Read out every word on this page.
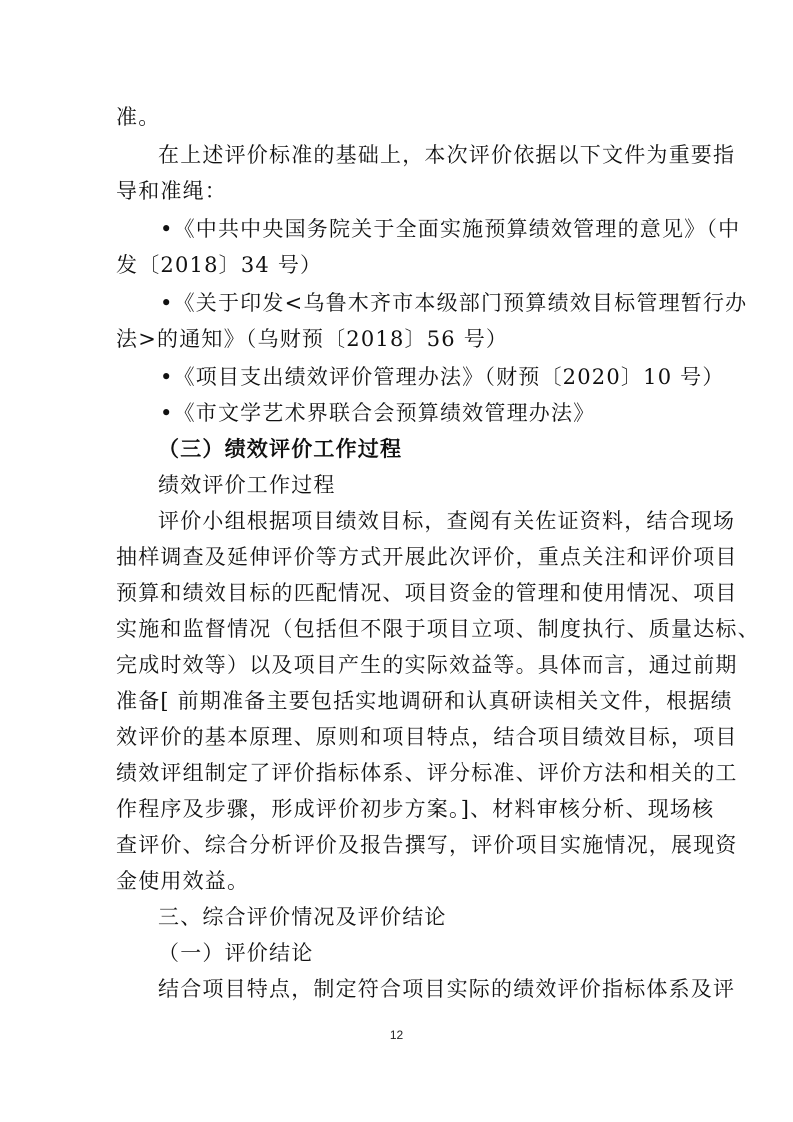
准。
在上述评价标准的基础上，本次评价依据以下文件为重要指
导和准绳：
•《中共中央国务院关于全面实施预算绩效管理的意见》（中
发〔2018〕34 号）
•《关于印发<乌鲁木齐市本级部门预算绩效目标管理暂行办
法>的通知》（乌财预〔2018〕56 号）
•《项目支出绩效评价管理办法》（财预〔2020〕10 号）
•《市文学艺术界联合会预算绩效管理办法》
（三）绩效评价工作过程
绩效评价工作过程
评价小组根据项目绩效目标，查阅有关佐证资料，结合现场
抽样调查及延伸评价等方式开展此次评价，重点关注和评价项目
预算和绩效目标的匹配情况、项目资金的管理和使用情况、项目
实施和监督情况（包括但不限于项目立项、制度执行、质量达标、
完成时效等）以及项目产生的实际效益等。具体而言，通过前期
准备[ 前期准备主要包括实地调研和认真研读相关文件，根据绩
效评价的基本原理、原则和项目特点，结合项目绩效目标，项目
绩效评组制定了评价指标体系、评分标准、评价方法和相关的工
作程序及步骤，形成评价初步方案。]、材料审核分析、现场核
查评价、综合分析评价及报告撰写，评价项目实施情况，展现资
金使用效益。
三、综合评价情况及评价结论
（一）评价结论
结合项目特点，制定符合项目实际的绩效评价指标体系及评
12
